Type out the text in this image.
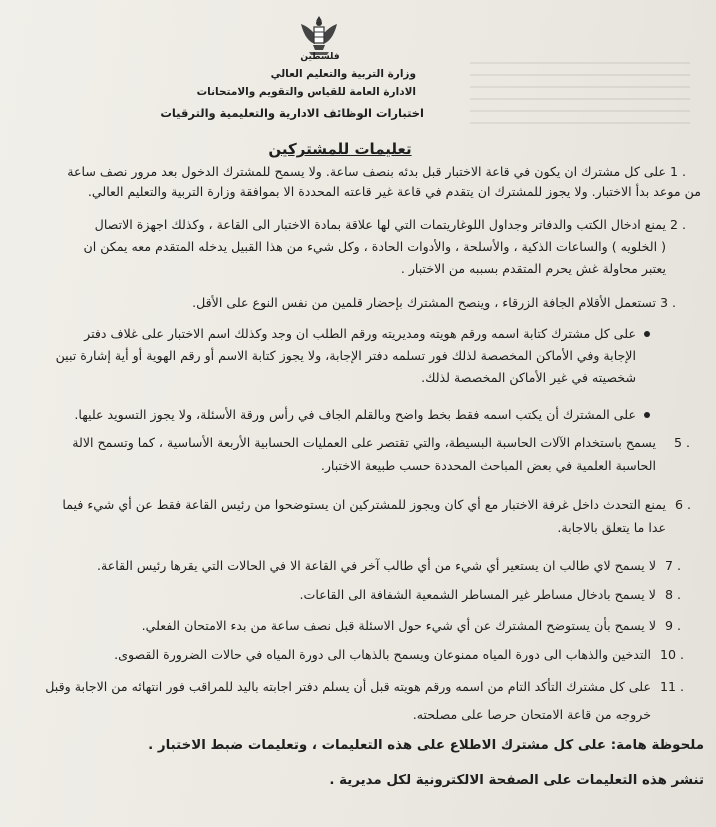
فلسطين
وزارة التربية والتعليم العالي
الادارة العامة للقياس والتقويم والامتحانات
اختبارات الوظائف الادارية والتعليمية والترقيات
تعليمات للمشتركين
1 .
على كل مشترك ان يكون في قاعة الاختبار قبل بدئه بنصف ساعة. ولا يسمح للمشترك الدخول بعد مرور نصف ساعة
من موعد بدأ الاختبار. ولا يجوز للمشترك ان يتقدم في قاعة غير قاعته المحددة الا بموافقة وزارة التربية والتعليم العالي.
2 .
يمنع ادخال الكتب والدفاتر وجداول اللوغاريتمات التي لها علاقة بمادة الاختبار الى القاعة ، وكذلك اجهزة الاتصال
( الخلويه ) والساعات الذكية ، والأسلحة ، والأدوات الحادة ، وكل شيء من هذا القبيل يدخله المتقدم معه يمكن ان
يعتبر محاولة غش يحرم المتقدم بسببه من الاختبار .
3 .
تستعمل الأقلام الجافة الزرقاء ، وينصح المشترك بإحضار قلمين من نفس النوع على الأقل.
على كل مشترك كتابة اسمه ورقم هويته ومديريته ورقم الطلب ان وجد وكذلك اسم الاختبار على غلاف دفتر
الإجابة وفي الأماكن المخصصة لذلك فور تسلمه دفتر الإجابة، ولا يجوز كتابة الاسم أو رقم الهوية أو أية إشارة تبين
شخصيته في غير الأماكن المخصصة لذلك.
على المشترك أن يكتب اسمه فقط بخط واضح وبالقلم الجاف في رأس ورقة الأسئلة، ولا يجوز التسويد عليها.
5 .
يسمح باستخدام الآلات الحاسبة البسيطة، والتي تقتصر على العمليات الحسابية الأربعة الأساسية ، كما وتسمح الالة
الحاسبة العلمية في بعض المباحث المحددة حسب طبيعة الاختبار.
6 .
يمنع التحدث داخل غرفة الاختبار مع أي كان ويجوز للمشتركين ان يستوضحوا من رئيس القاعة فقط عن أي شيء فيما
عدا ما يتعلق بالاجابة.
7 .
لا يسمح لاي طالب ان يستعير أي شيء من أي طالب آخر في القاعة الا في الحالات التي يقرها رئيس القاعة.
8 .
لا يسمح بادخال مساطر غير المساطر الشمعية الشفافة الى القاعات.
9 .
لا يسمح بأن يستوضح المشترك عن أي شيء حول الاسئلة قبل نصف ساعة من بدء الامتحان الفعلي.
10 .
التدخين والذهاب الى دورة المياه ممنوعان ويسمح بالذهاب الى دورة المياه في حالات الضرورة القصوى.
11 .
على كل مشترك التأكد التام من اسمه ورقم هويته قبل أن يسلم دفتر اجابته باليد للمراقب فور انتهائه من الاجابة وقبل
خروجه من قاعة الامتحان حرصا على مصلحته.
ملحوظة هامة: على كل مشترك الاطلاع على هذه التعليمات ، وتعليمات ضبط الاختبار .
تنشر هذه التعليمات على الصفحة الالكترونية لكل مديرية .
